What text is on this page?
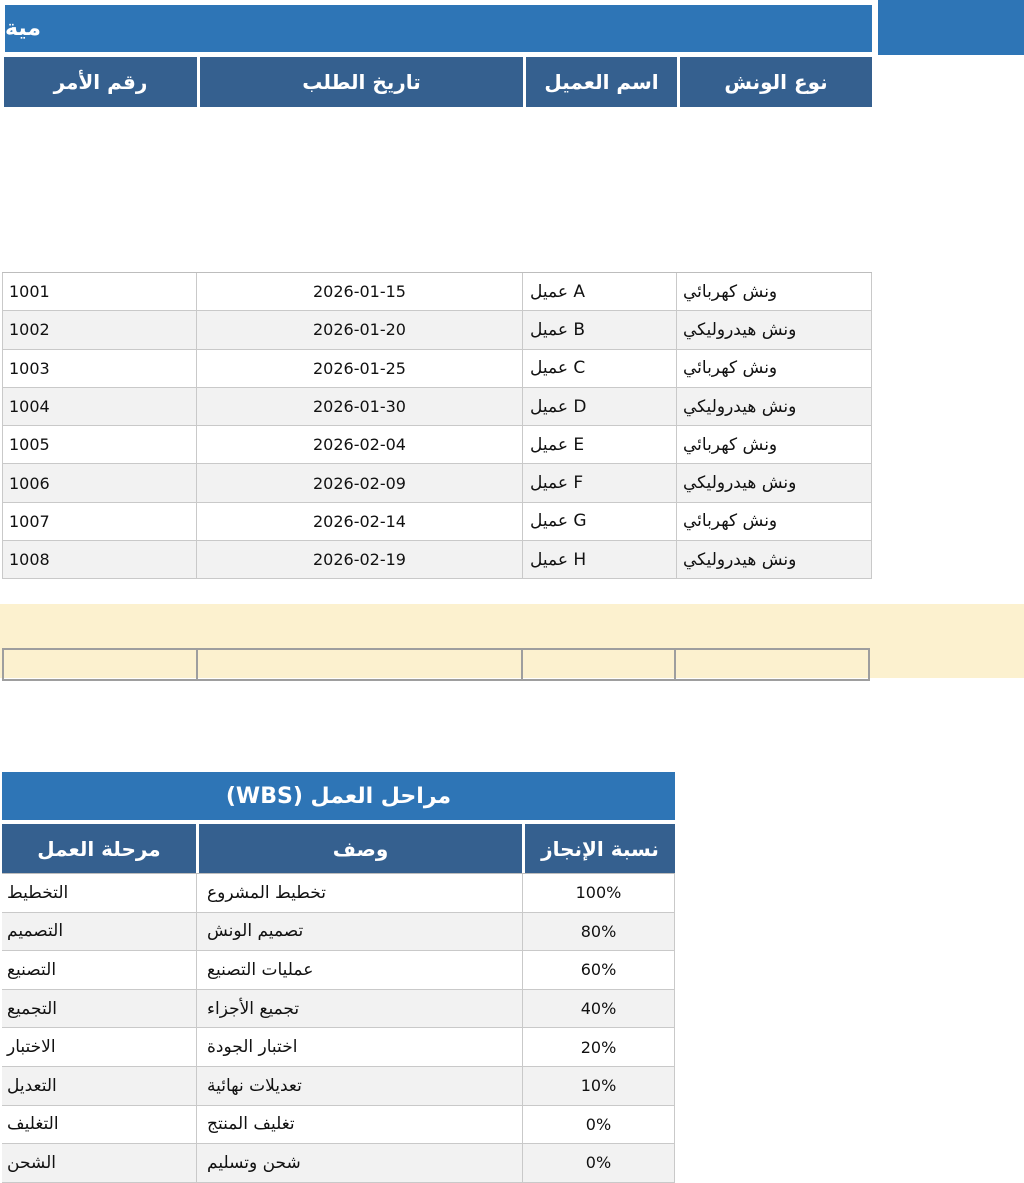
مية
رقم الأمر	تاريخ الطلب	اسم العميل	نوع الونش
1001	2026-01-15	عميل A	ونش كهربائي
1002	2026-01-20	عميل B	ونش هيدروليكي
1003	2026-01-25	عميل C	ونش كهربائي
1004	2026-01-30	عميل D	ونش هيدروليكي
1005	2026-02-04	عميل E	ونش كهربائي
1006	2026-02-09	عميل F	ونش هيدروليكي
1007	2026-02-14	عميل G	ونش كهربائي
1008	2026-02-19	عميل H	ونش هيدروليكي
مراحل العمل (WBS)
مرحلة العمل	وصف	نسبة الإنجاز
التخطيط	تخطيط المشروع	100%
التصميم	تصميم الونش	80%
التصنيع	عمليات التصنيع	60%
التجميع	تجميع الأجزاء	40%
الاختبار	اختبار الجودة	20%
التعديل	تعديلات نهائية	10%
التغليف	تغليف المنتج	0%
الشحن	شحن وتسليم	0%
